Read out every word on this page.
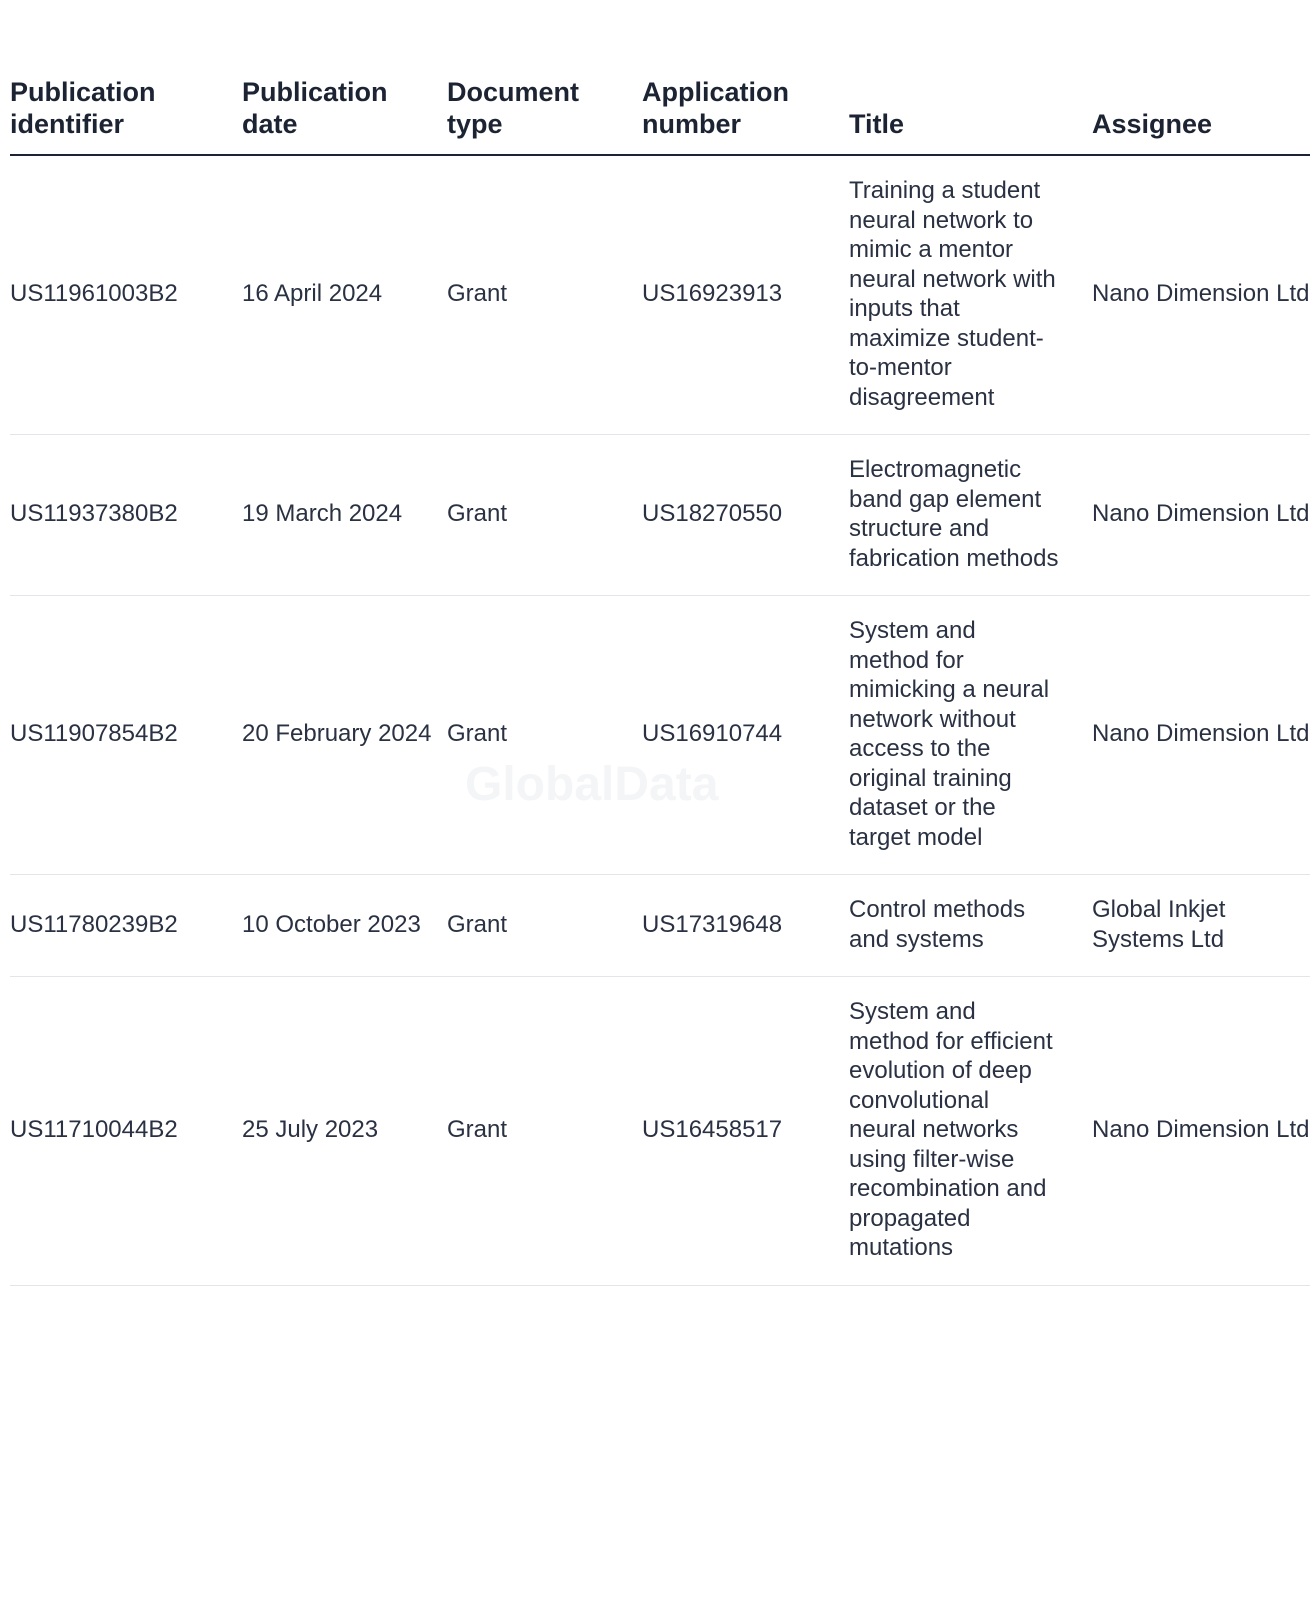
Publication identifier	Publication date	Document type	Application number	Title	Assignee
US11961003B2	16 April 2024	Grant	US16923913	Training a student neural network to mimic a mentor neural network with inputs that maximize student-to-mentor disagreement	Nano Dimension Ltd
US11937380B2	19 March 2024	Grant	US18270550	Electromagnetic band gap element structure and fabrication methods	Nano Dimension Ltd
US11907854B2	20 February 2024	Grant	US16910744	System and method for mimicking a neural network without access to the original training dataset or the target model	Nano Dimension Ltd
US11780239B2	10 October 2023	Grant	US17319648	Control methods and systems	Global Inkjet Systems Ltd
US11710044B2	25 July 2023	Grant	US16458517	System and method for efficient evolution of deep convolutional neural networks using filter-wise recombination and propagated mutations	Nano Dimension Ltd
GlobalData
